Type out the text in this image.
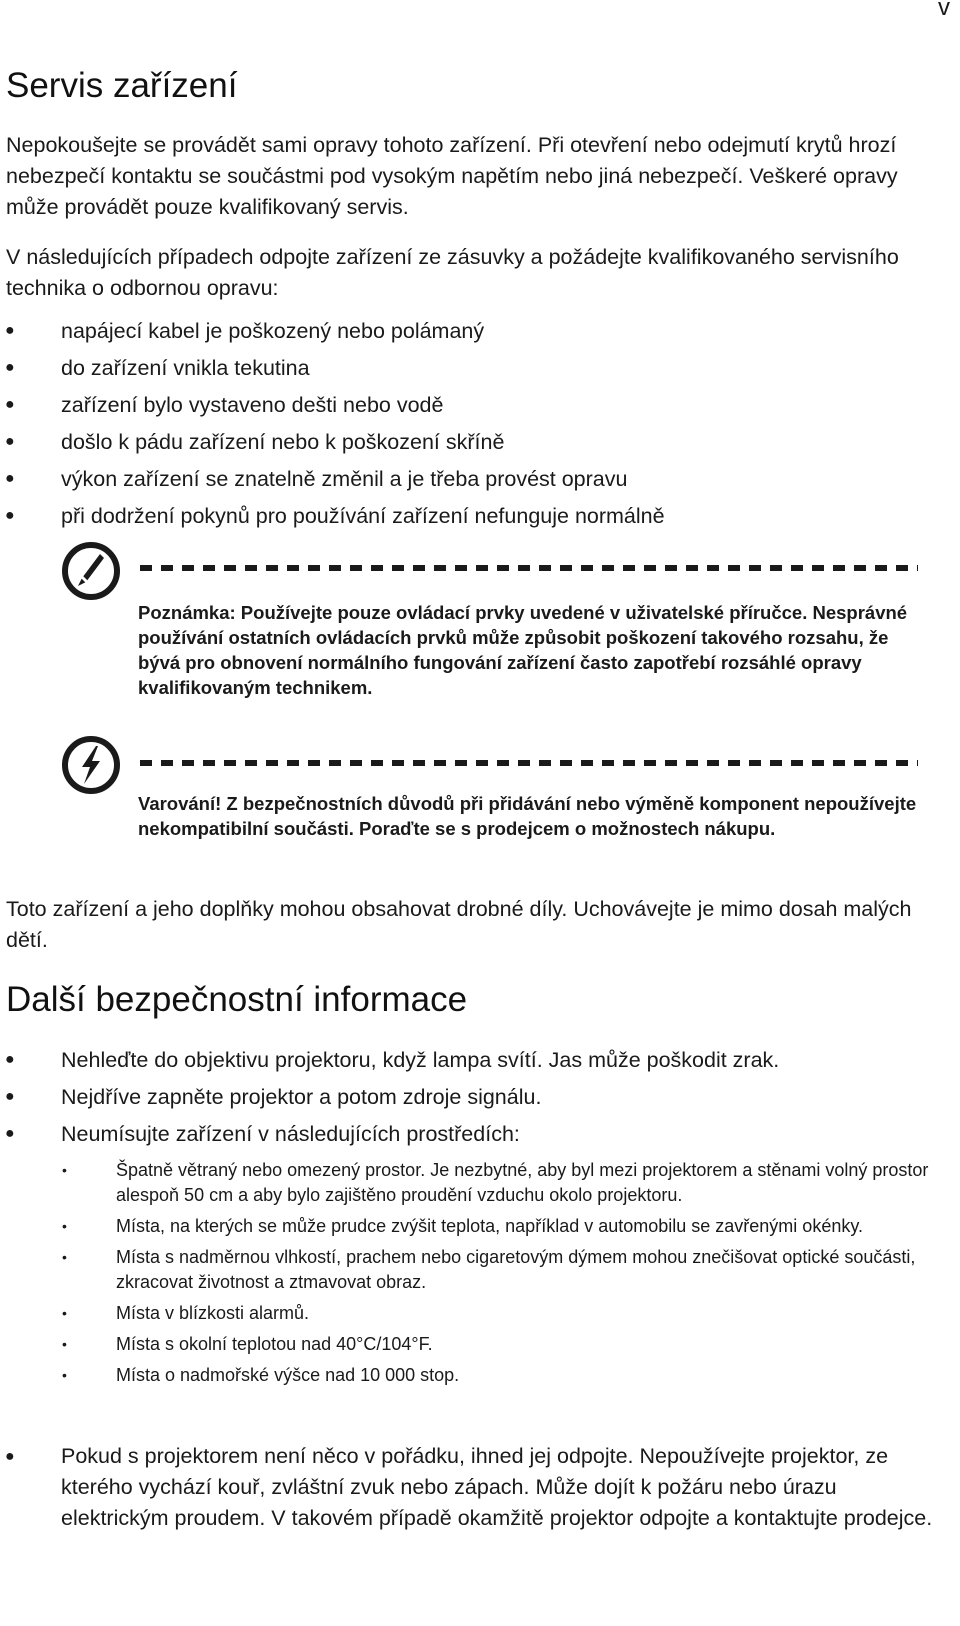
v
Servis zařízení

Nepokoušejte se provádět sami opravy tohoto zařízení. Při otevření nebo odejmutí krytů hrozí nebezpečí kontaktu se součástmi pod vysokým napětím nebo jiná nebezpečí. Veškeré opravy může provádět pouze kvalifikovaný servis.

V následujících případech odpojte zařízení ze zásuvky a požádejte kvalifikovaného servisního technika o odbornou opravu:

● napájecí kabel je poškozený nebo polámaný
● do zařízení vnikla tekutina
● zařízení bylo vystaveno dešti nebo vodě
● došlo k pádu zařízení nebo k poškození skříně
● výkon zařízení se znatelně změnil a je třeba provést opravu
● při dodržení pokynů pro používání zařízení nefunguje normálně

Poznámka: Používejte pouze ovládací prvky uvedené v uživatelské příručce. Nesprávné používání ostatních ovládacích prvků může způsobit poškození takového rozsahu, že bývá pro obnovení normálního fungování zařízení často zapotřebí rozsáhlé opravy kvalifikovaným technikem.

Varování! Z bezpečnostních důvodů při přidávání nebo výměně komponent nepoužívejte nekompatibilní součásti. Poraďte se s prodejcem o možnostech nákupu.

Toto zařízení a jeho doplňky mohou obsahovat drobné díly. Uchovávejte je mimo dosah malých dětí.

Další bezpečnostní informace
● Nehleďte do objektivu projektoru, když lampa svítí. Jas může poškodit zrak.
● Nejdříve zapněte projektor a potom zdroje signálu.
● Neumísujte zařízení v následujících prostředích:
•	Špatně větraný nebo omezený prostor. Je nezbytné, aby byl mezi projektorem a stěnami volný prostor alespoň 50 cm a aby bylo zajištěno proudění vzduchu okolo projektoru.
•	Místa, na kterých se může prudce zvýšit teplota, například v automobilu se zavřenými okénky.
•	Místa s nadměrnou vlhkostí, prachem nebo cigaretovým dýmem mohou znečišovat optické součásti, zkracovat životnost a ztmavovat obraz.
•	Místa v blízkosti alarmů.
•	Místa s okolní teplotou nad 40°C/104°F.
•	Místa o nadmořské výšce nad 10 000 stop.
● Pokud s projektorem není něco v pořádku, ihned jej odpojte. Nepoužívejte projektor, ze kterého vychází kouř, zvláštní zvuk nebo zápach. Může dojít k požáru nebo úrazu elektrickým proudem. V takovém případě okamžitě projektor odpojte a kontaktujte prodejce.
